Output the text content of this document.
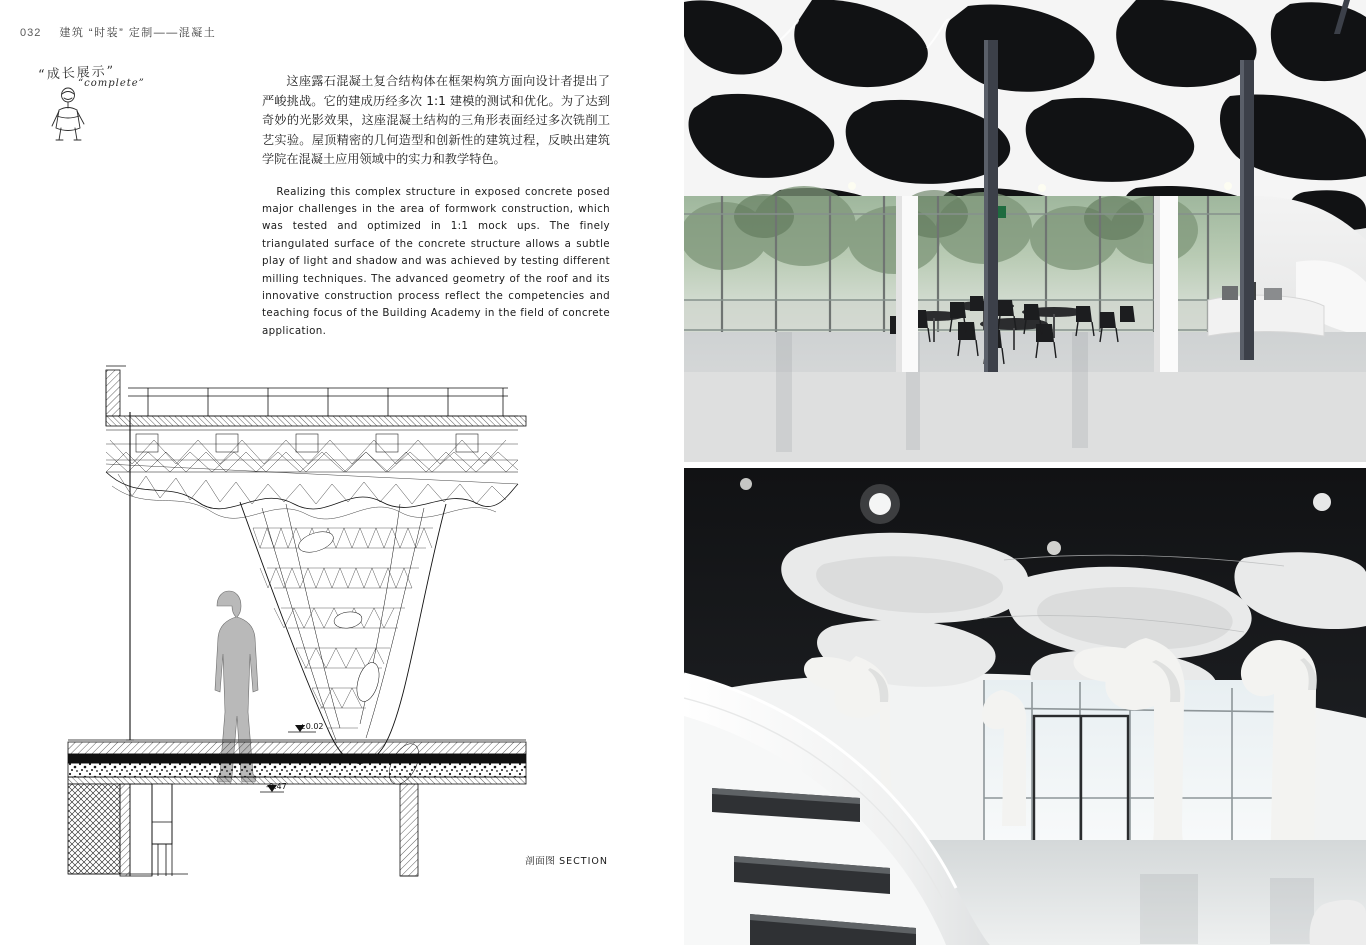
032 建筑 “时装” 定制——混凝土
“成长展示”
“complete”	这座露石混凝土复合结构体在框架构筑方面向设计者提出了严峻挑战。它的建成历经多次 1:1 建模的测试和优化。为了达到奇妙的光影效果，这座混凝土结构的三角形表面经过多次铣削工艺实验。屋顶精密的几何造型和创新性的建筑过程，反映出建筑学院在混凝土应用领域中的实力和教学特色。

Realizing this complex structure in exposed concrete posed major challenges in the area of formwork construction, which was tested and optimized in 1:1 mock ups. The finely triangulated surface of the concrete structure allows a subtle play of light and shadow and was achieved by testing different milling techniques. The advanced geometry of the roof and its innovative construction process reflect the competencies and teaching focus of the Building Academy in the field of concrete application.

±0.02
-0.47
剖面图 SECTION
